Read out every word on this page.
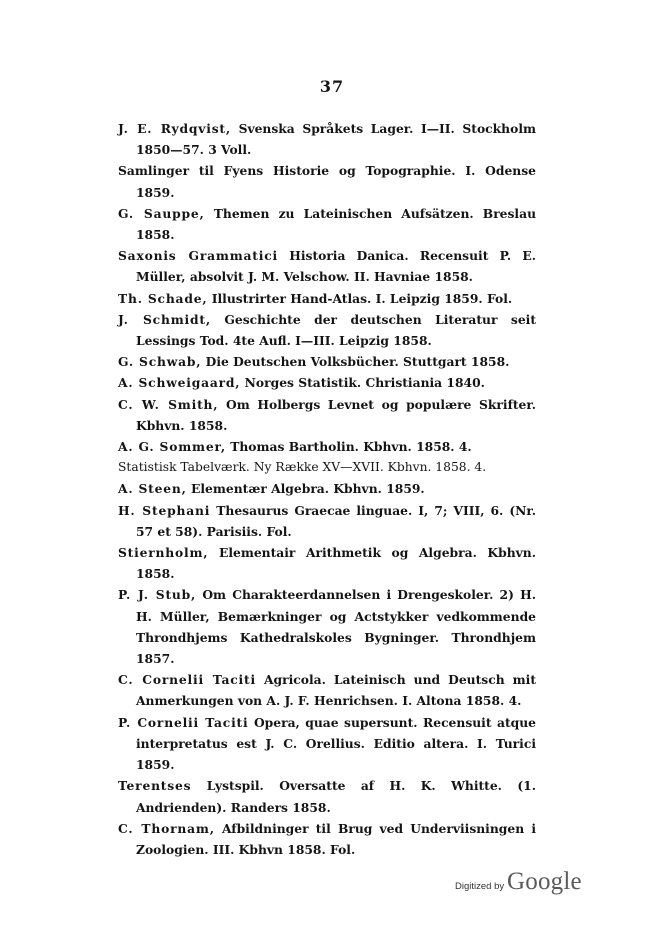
37
J. E. Rydqvist, Svenska Språkets Lager. I—II. Stockholm 1850—57. 3 Voll.
Samlinger til Fyens Historie og Topographie. I. Odense 1859.
G. Sauppe, Themen zu Lateinischen Aufsätzen. Breslau 1858.
Saxonis Grammatici Historia Danica. Recensuit P. E. Müller, absolvit J. M. Velschow. II. Havniae 1858.
Th. Schade, Illustrirter Hand-Atlas. I. Leipzig 1859. Fol.
J. Schmidt, Geschichte der deutschen Literatur seit Lessings Tod. 4te Aufl. I—III. Leipzig 1858.
G. Schwab, Die Deutschen Volksbücher. Stuttgart 1858.
A. Schweigaard, Norges Statistik. Christiania 1840.
C. W. Smith, Om Holbergs Levnet og populære Skrifter. Kbhvn. 1858.
A. G. Sommer, Thomas Bartholin. Kbhvn. 1858. 4.
Statistisk Tabelværk. Ny Række XV—XVII. Kbhvn. 1858. 4.
A. Steen, Elementær Algebra. Kbhvn. 1859.
H. Stephani Thesaurus Graecae linguae. I, 7; VIII, 6. (Nr. 57 et 58). Parisiis. Fol.
Stiernholm, Elementair Arithmetik og Algebra. Kbhvn. 1858.
P. J. Stub, Om Charakteerdannelsen i Drengeskoler. 2) H. H. Müller, Bemærkninger og Actstykker vedkommende Throndhjems Kathedralskoles Bygninger. Throndhjem 1857.
C. Cornelii Taciti Agricola. Lateinisch und Deutsch mit Anmerkungen von A. J. F. Henrichsen. I. Altona 1858. 4.
P. Cornelii Taciti Opera, quae supersunt. Recensuit atque interpretatus est J. C. Orellius. Editio altera. I. Turici 1859.
Terentses Lystspil. Oversatte af H. K. Whitte. (1. Andrienden). Randers 1858.
C. Thornam, Afbildninger til Brug ved Underviisningen i Zoologien. III. Kbhvn 1858. Fol.
Digitized by Google
